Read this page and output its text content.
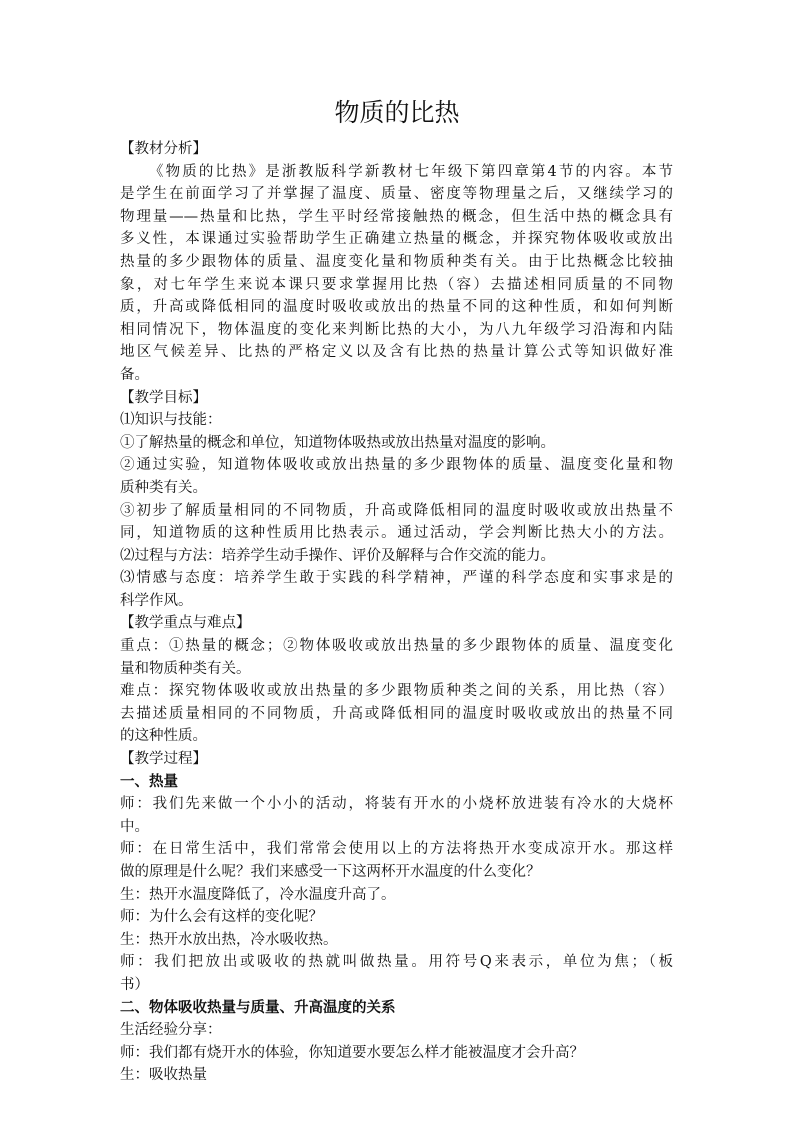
物质的比热
【教材分析】
《物质的比热》是浙教版科学新教材七年级下第四章第4节的内容。本节
是学生在前面学习了并掌握了温度、质量、密度等物理量之后，又继续学习的
物理量——热量和比热，学生平时经常接触热的概念，但生活中热的概念具有
多义性，本课通过实验帮助学生正确建立热量的概念，并探究物体吸收或放出
热量的多少跟物体的质量、温度变化量和物质种类有关。由于比热概念比较抽
象，对七年学生来说本课只要求掌握用比热（容）去描述相同质量的不同物
质，升高或降低相同的温度时吸收或放出的热量不同的这种性质，和如何判断
相同情况下，物体温度的变化来判断比热的大小，为八九年级学习沿海和内陆
地区气候差异、比热的严格定义以及含有比热的热量计算公式等知识做好准
备。
【教学目标】
⑴知识与技能：
①了解热量的概念和单位，知道物体吸热或放出热量对温度的影响。
②通过实验，知道物体吸收或放出热量的多少跟物体的质量、温度变化量和物
质种类有关。
③初步了解质量相同的不同物质，升高或降低相同的温度时吸收或放出热量不
同，知道物质的这种性质用比热表示。通过活动，学会判断比热大小的方法。
⑵过程与方法：培养学生动手操作、评价及解释与合作交流的能力。
⑶情感与态度：培养学生敢于实践的科学精神，严谨的科学态度和实事求是的
科学作风。
【教学重点与难点】
重点：①热量的概念；②物体吸收或放出热量的多少跟物体的质量、温度变化
量和物质种类有关。
难点：探究物体吸收或放出热量的多少跟物质种类之间的关系，用比热（容）
去描述质量相同的不同物质，升高或降低相同的温度时吸收或放出的热量不同
的这种性质。
【教学过程】
一、热量
师：我们先来做一个小小的活动，将装有开水的小烧杯放进装有冷水的大烧杯
中。
师：在日常生活中，我们常常会使用以上的方法将热开水变成凉开水。那这样
做的原理是什么呢？我们来感受一下这两杯开水温度的什么变化？
生：热开水温度降低了，冷水温度升高了。
师：为什么会有这样的变化呢？
生：热开水放出热，冷水吸收热。
师：我们把放出或吸收的热就叫做热量。用符号Q来表示，单位为焦；（板
书）
二、物体吸收热量与质量、升高温度的关系
生活经验分享：
师：我们都有烧开水的体验，你知道要水要怎么样才能被温度才会升高？
生：吸收热量
